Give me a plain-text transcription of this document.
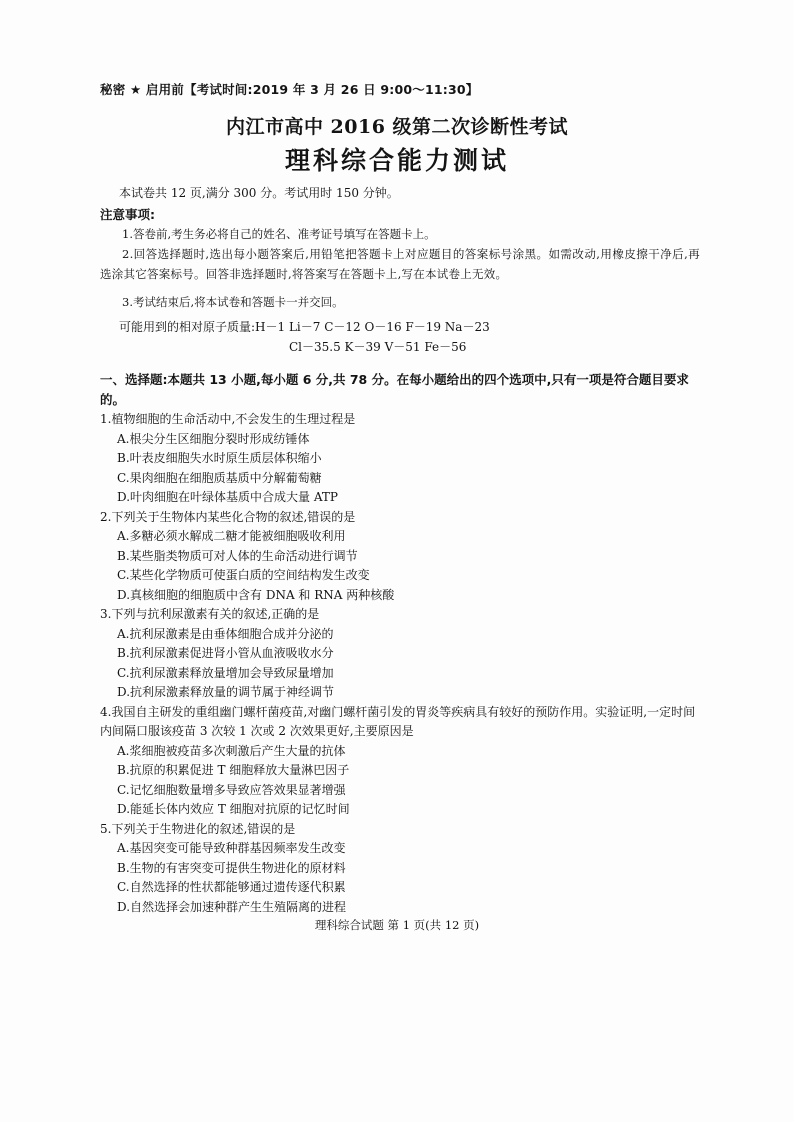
秘密 ★ 启用前【考试时间:2019 年 3 月 26 日 9:00～11:30】
内江市高中 2016 级第二次诊断性考试
理科综合能力测试
本试卷共 12 页,满分 300 分。考试用时 150 分钟。
注意事项:

1.答卷前,考生务必将自己的姓名、准考证号填写在答题卡上。

2.回答选择题时,选出每小题答案后,用铅笔把答题卡上对应题目的答案标号涂黑。如需改动,用橡皮擦干净后,再选涂其它答案标号。回答非选择题时,将答案写在答题卡上,写在本试卷上无效。

3.考试结束后,将本试卷和答题卡一并交回。

可能用到的相对原子质量:H－1 Li－7 C－12 O－16 F－19 Na－23
Cl－35.5 K－39 V－51 Fe－56
一、选择题:本题共 13 小题,每小题 6 分,共 78 分。在每小题给出的四个选项中,只有一项是符合题目要求的。
1.植物细胞的生命活动中,不会发生的生理过程是
A.根尖分生区细胞分裂时形成纺锤体
B.叶表皮细胞失水时原生质层体积缩小
C.果肉细胞在细胞质基质中分解葡萄糖
D.叶肉细胞在叶绿体基质中合成大量 ATP
2.下列关于生物体内某些化合物的叙述,错误的是
A.多糖必须水解成二糖才能被细胞吸收利用
B.某些脂类物质可对人体的生命活动进行调节
C.某些化学物质可使蛋白质的空间结构发生改变
D.真核细胞的细胞质中含有 DNA 和 RNA 两种核酸
3.下列与抗利尿激素有关的叙述,正确的是
A.抗利尿激素是由垂体细胞合成并分泌的
B.抗利尿激素促进肾小管从血液吸收水分
C.抗利尿激素释放量增加会导致尿量增加
D.抗利尿激素释放量的调节属于神经调节
4.我国自主研发的重组幽门螺杆菌疫苗,对幽门螺杆菌引发的胃炎等疾病具有较好的预防作用。实验证明,一定时间内间隔口服该疫苗 3 次较 1 次或 2 次效果更好,主要原因是
A.浆细胞被疫苗多次刺激后产生大量的抗体
B.抗原的积累促进 T 细胞释放大量淋巴因子
C.记忆细胞数量增多导致应答效果显著增强
D.能延长体内效应 T 细胞对抗原的记忆时间
5.下列关于生物进化的叙述,错误的是
A.基因突变可能导致种群基因频率发生改变
B.生物的有害突变可提供生物进化的原材料
C.自然选择的性状都能够通过遗传逐代积累
D.自然选择会加速种群产生生殖隔离的进程
理科综合试题 第 1 页(共 12 页)
